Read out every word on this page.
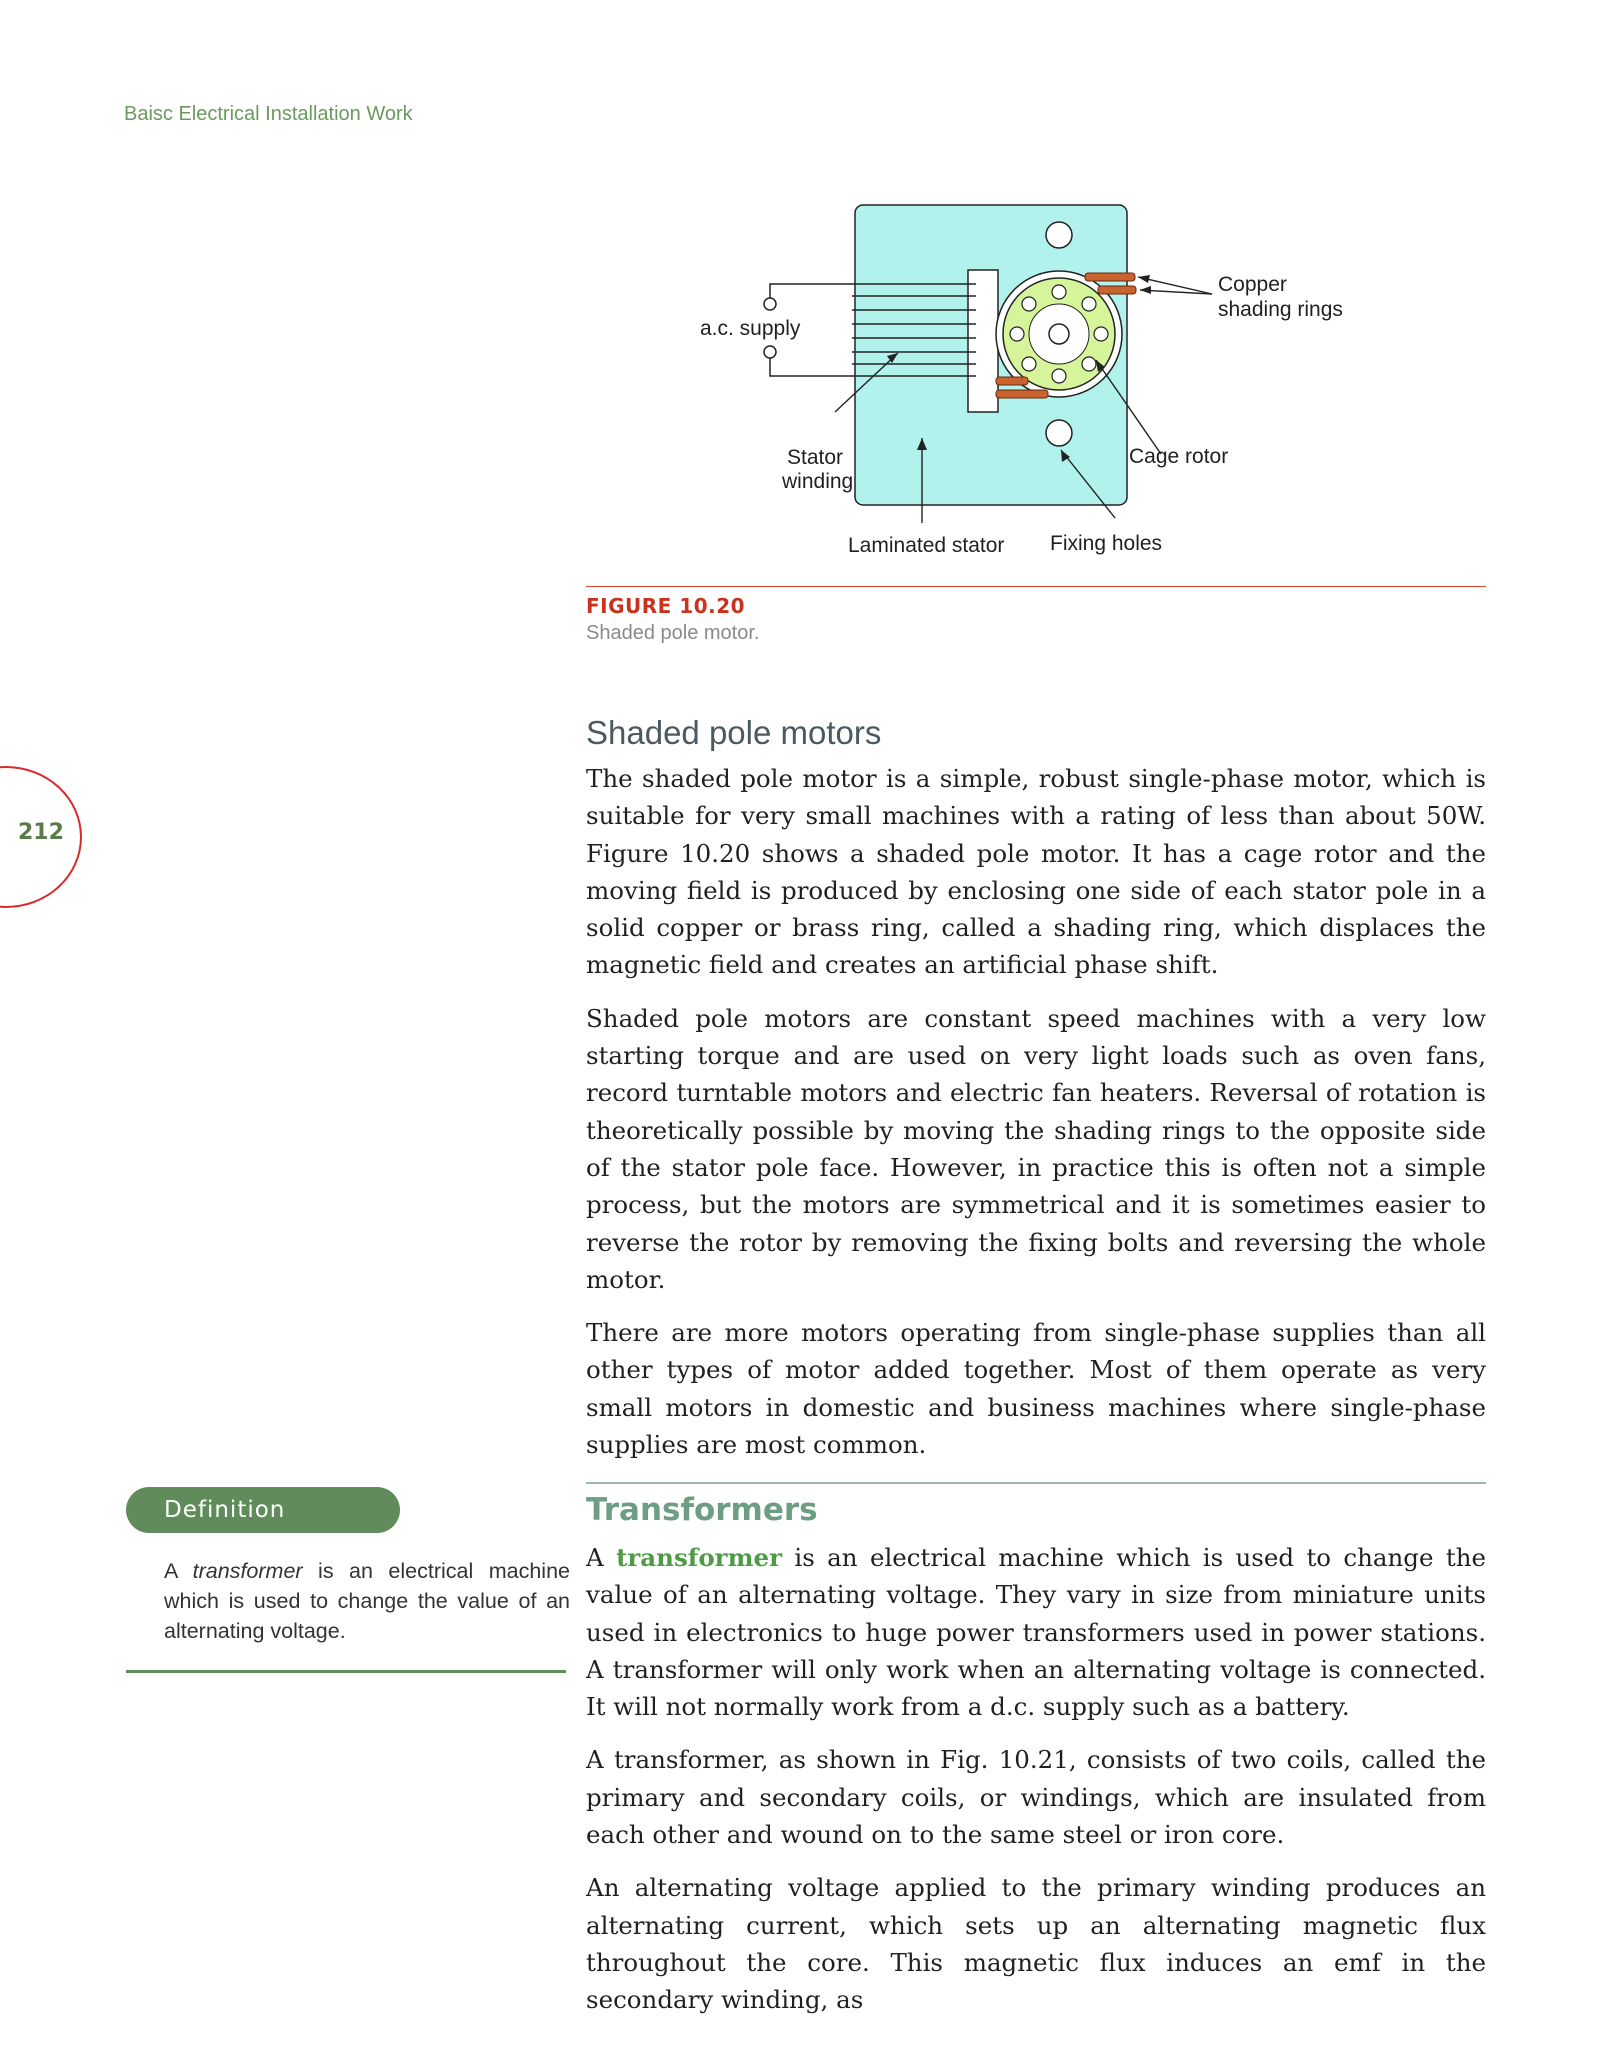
Baisc Electrical Installation Work
212
a.c. supply
Copper
shading rings
Stator
winding
Cage rotor
Laminated stator Fixing holes
FIGURE 10.20
Shaded pole motor.
Shaded pole motors

The shaded pole motor is a simple, robust single-phase motor, which is suitable for very small machines with a rating of less than about 50W. Figure 10.20 shows a shaded pole motor. It has a cage rotor and the moving field is produced by enclosing one side of each stator pole in a solid copper or brass ring, called a shading ring, which displaces the magnetic field and creates an artificial phase shift.

Shaded pole motors are constant speed machines with a very low starting torque and are used on very light loads such as oven fans, record turntable motors and electric fan heaters. Reversal of rotation is theoretically possible by moving the shading rings to the opposite side of the stator pole face. However, in practice this is often not a simple process, but the motors are symmetrical and it is sometimes easier to reverse the rotor by removing the fixing bolts and reversing the whole motor.

There are more motors operating from single-phase supplies than all other types of motor added together. Most of them operate as very small motors in domestic and business machines where single-phase supplies are most common.

Definition
A transformer is an electrical machine which is used to change the value of an alternating voltage.
Transformers

A transformer is an electrical machine which is used to change the value of an alternating voltage. They vary in size from miniature units used in electronics to huge power transformers used in power stations. A transformer will only work when an alternating voltage is connected. It will not normally work from a d.c. supply such as a battery.

A transformer, as shown in Fig. 10.21, consists of two coils, called the primary and secondary coils, or windings, which are insulated from each other and wound on to the same steel or iron core.

An alternating voltage applied to the primary winding produces an alternating current, which sets up an alternating magnetic flux throughout the core. This magnetic flux induces an emf in the secondary winding, as
